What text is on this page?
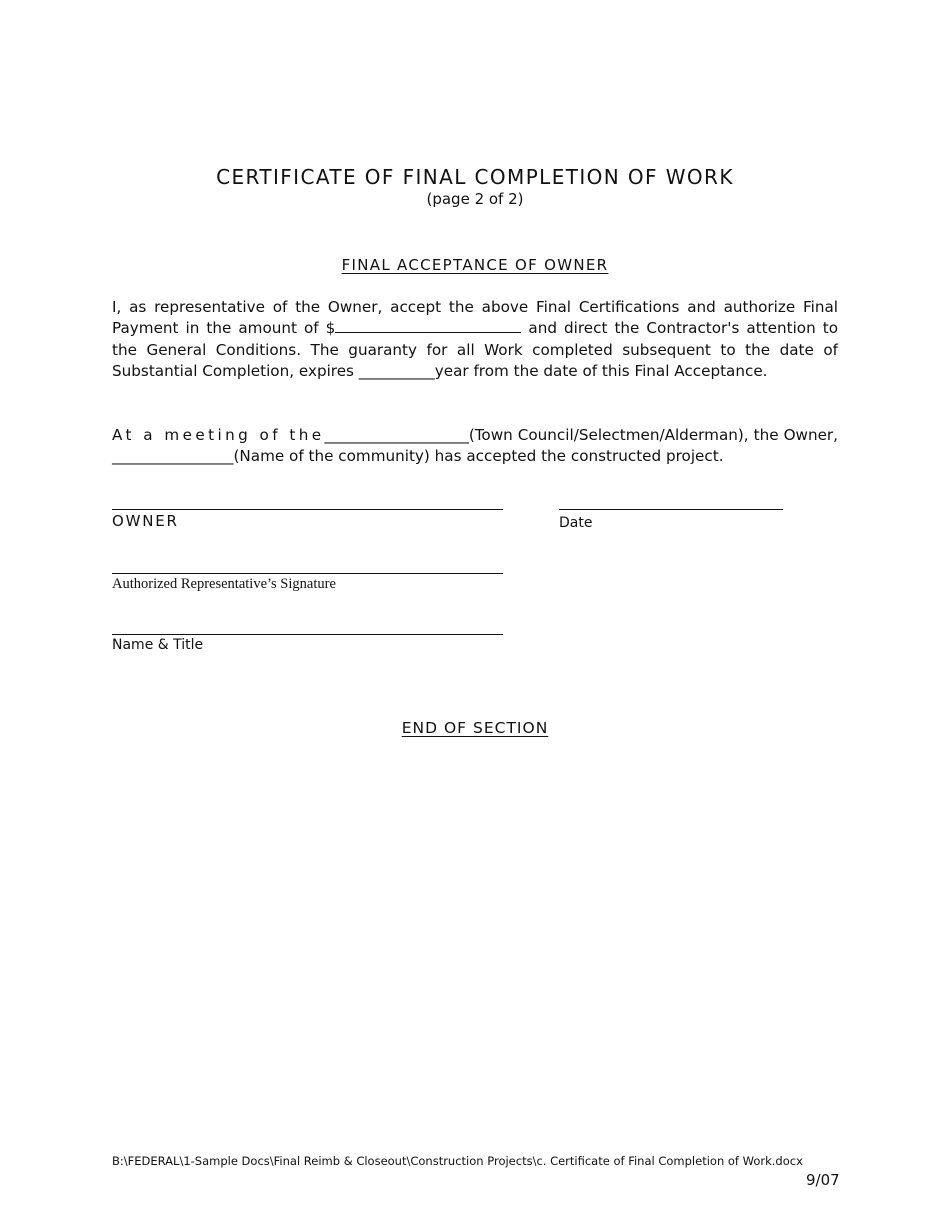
CERTIFICATE OF FINAL COMPLETION OF WORK
(page 2 of 2)
FINAL ACCEPTANCE OF OWNER
I, as representative of the Owner, accept the above Final Certifications and authorize Final Payment in the amount of $	and direct the Contractor's attention to the General Conditions. The guaranty for all Work completed subsequent to the date of Substantial Completion, expires __________year from the date of this Final Acceptance.
At a meeting of the___________________(Town Council/Selectmen/Alderman), the Owner, ________________(Name of the community) has accepted the constructed project.
OWNER	Date
Authorized Representative’s Signature
Name & Title
END OF SECTION
B:\FEDERAL\1-Sample Docs\Final Reimb & Closeout\Construction Projects\c. Certificate of Final Completion of Work.docx
9/07
